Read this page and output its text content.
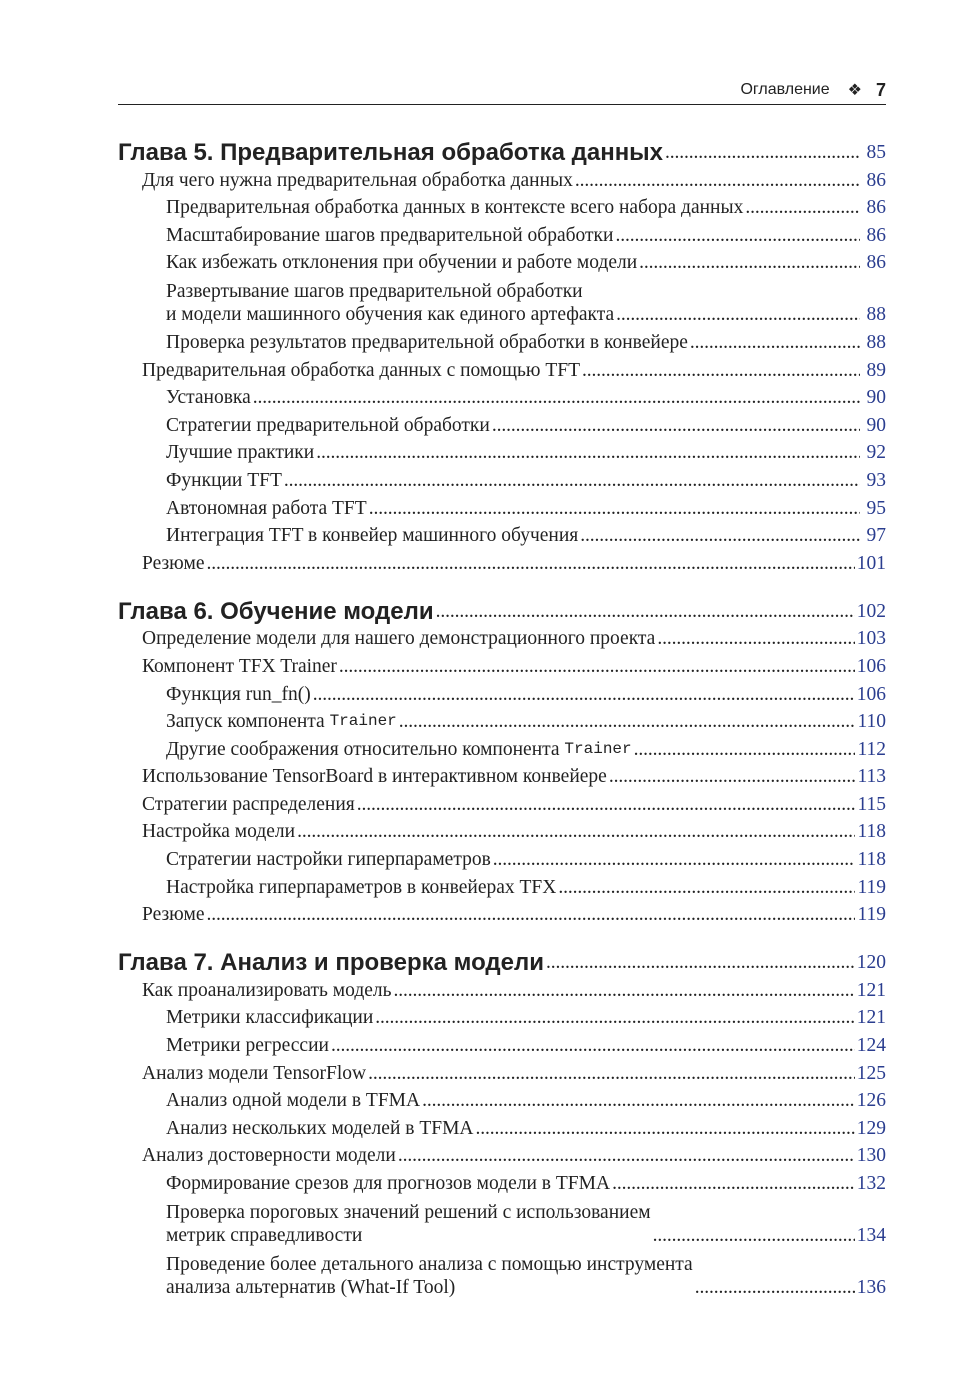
Оглавление ❖ 7
Глава 5. Предварительная обработка данных . . .	85
Для чего нужна предварительная обработка данных . . .	86
Предварительная обработка данных в контексте всего набора данных . . .	86
Масштабирование шагов предварительной обработки . . .	86
Как избежать отклонения при обучении и работе модели . . .	86
Развертывание шагов предварительной обработки
и модели машинного обучения как единого артефакта . . .	88
Проверка результатов предварительной обработки в конвейере . . .	88
Предварительная обработка данных с помощью TFT . . .	89
Установка . . .	90
Стратегии предварительной обработки . . .	90
Лучшие практики . . .	92
Функции TFT . . .	93
Автономная работа TFT . . .	95
Интеграция TFT в конвейер машинного обучения . . .	97
Резюме . . .	101
Глава 6. Обучение модели . . .	102
Определение модели для нашего демонстрационного проекта . . .	103
Компонент TFX Trainer . . .	106
Функция run_fn() . . .	106
Запуск компонента Trainer . . .	110
Другие соображения относительно компонента Trainer . . .	112
Использование TensorBoard в интерактивном конвейере . . .	113
Стратегии распределения . . .	115
Настройка модели . . .	118
Стратегии настройки гиперпараметров . . .	118
Настройка гиперпараметров в конвейерах TFX . . .	119
Резюме . . .	119
Глава 7. Анализ и проверка модели . . .	120
Как проанализировать модель . . .	121
Метрики классификации . . .	121
Метрики регрессии . . .	124
Анализ модели TensorFlow . . .	125
Анализ одной модели в TFMA . . .	126
Анализ нескольких моделей в TFMA . . .	129
Анализ достоверности модели . . .	130
Формирование срезов для прогнозов модели в TFMA . . .	132
Проверка пороговых значений решений с использованием
метрик справедливости . . .	134
Проведение более детального анализа с помощью инструмента
анализа альтернатив (What-If Tool) . . .	136
